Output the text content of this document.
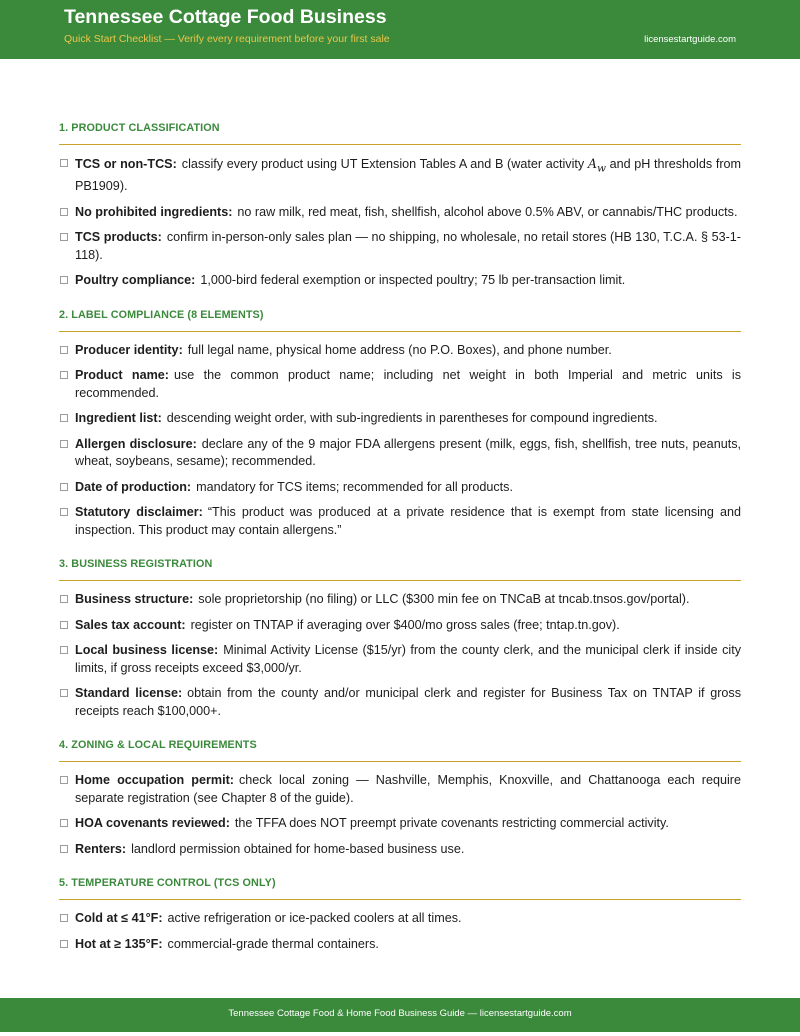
Tennessee Cottage Food Business
Quick Start Checklist — Verify every requirement before your first sale	licensestartguide.com
1. PRODUCT CLASSIFICATION
TCS or non-TCS: classify every product using UT Extension Tables A and B (water activity $A_w$ and pH thresholds from PB1909).
No prohibited ingredients: no raw milk, red meat, fish, shellfish, alcohol above 0.5% ABV, or cannabis/THC products.
TCS products: confirm in-person-only sales plan — no shipping, no wholesale, no retail stores (HB 130, T.C.A. § 53-1-118).
Poultry compliance: 1,000-bird federal exemption or inspected poultry; 75 lb per-transaction limit.
2. LABEL COMPLIANCE (8 ELEMENTS)
Producer identity: full legal name, physical home address (no P.O. Boxes), and phone number.
Product name: use the common product name; including net weight in both Imperial and metric units is recommended.
Ingredient list: descending weight order, with sub-ingredients in parentheses for compound ingredients.
Allergen disclosure: declare any of the 9 major FDA allergens present (milk, eggs, fish, shellfish, tree nuts, peanuts, wheat, soybeans, sesame); recommended.
Date of production: mandatory for TCS items; recommended for all products.
Statutory disclaimer: “This product was produced at a private residence that is exempt from state licensing and inspection. This product may contain allergens.”
3. BUSINESS REGISTRATION
Business structure: sole proprietorship (no filing) or LLC ($300 min fee on TNCaB at tncab.tnsos.gov/portal).
Sales tax account: register on TNTAP if averaging over $400/mo gross sales (free; tntap.tn.gov).
Local business license: Minimal Activity License ($15/yr) from the county clerk, and the municipal clerk if inside city limits, if gross receipts exceed $3,000/yr.
Standard license: obtain from the county and/or municipal clerk and register for Business Tax on TNTAP if gross receipts reach $100,000+.
4. ZONING & LOCAL REQUIREMENTS
Home occupation permit: check local zoning — Nashville, Memphis, Knoxville, and Chattanooga each require separate registration (see Chapter 8 of the guide).
HOA covenants reviewed: the TFFA does NOT preempt private covenants restricting commercial activity.
Renters: landlord permission obtained for home-based business use.
5. TEMPERATURE CONTROL (TCS ONLY)
Cold at ≤ 41°F: active refrigeration or ice-packed coolers at all times.
Hot at ≥ 135°F: commercial-grade thermal containers.
Tennessee Cottage Food & Home Food Business Guide — licensestartguide.com
